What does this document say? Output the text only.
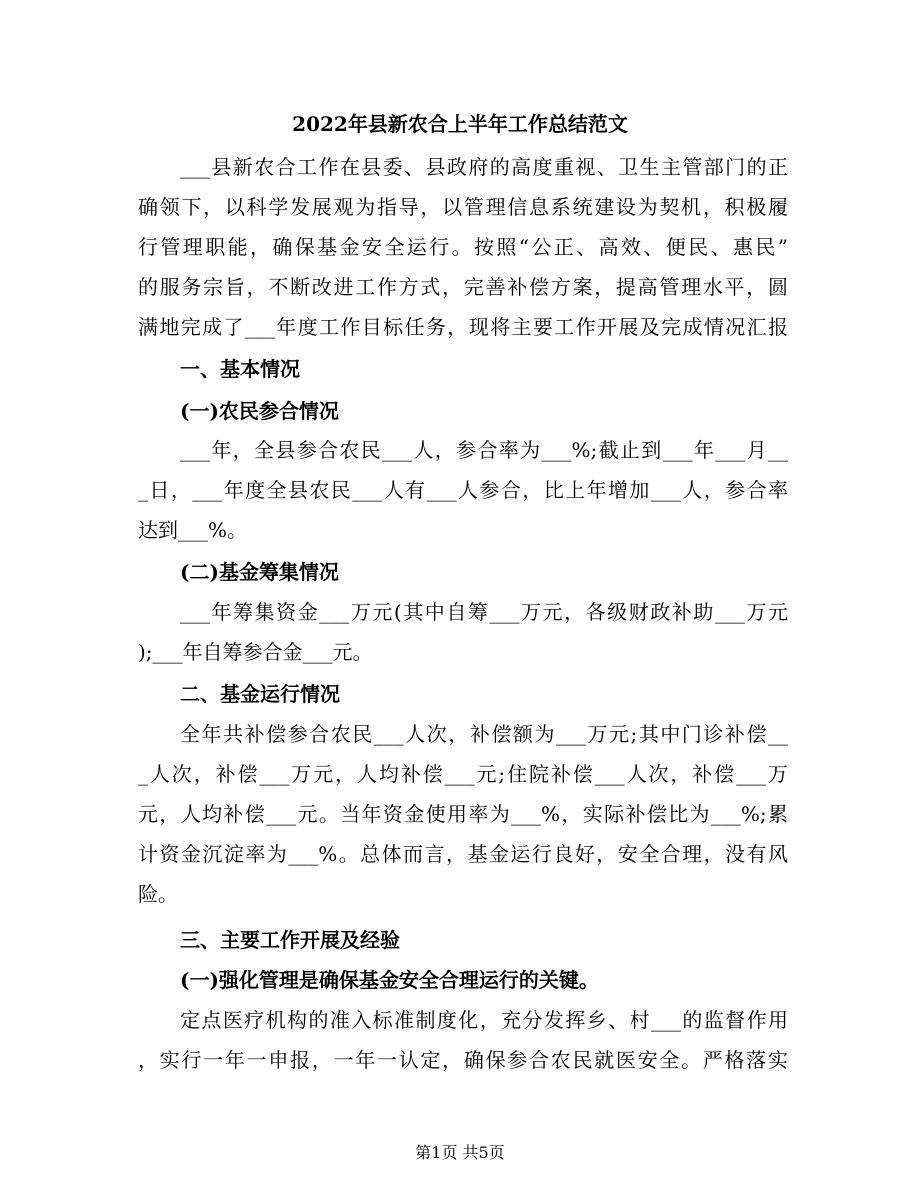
2022年县新农合上半年工作总结范文
___县新农合工作在县委、县政府的高度重视、卫生主管部门的正
确领下，以科学发展观为指导，以管理信息系统建设为契机，积极履
行管理职能，确保基金安全运行。按照“公正、高效、便民、惠民”
的服务宗旨，不断改进工作方式，完善补偿方案，提高管理水平，圆
满地完成了___年度工作目标任务，现将主要工作开展及完成情况汇报
一、基本情况
(一)农民参合情况
___年，全县参合农民___人，参合率为___%;截止到___年___月__
_日，___年度全县农民___人有___人参合，比上年增加___人，参合率
达到___%。
(二)基金筹集情况
___年筹集资金___万元(其中自筹___万元，各级财政补助___万元
);___年自筹参合金___元。
二、基金运行情况
全年共补偿参合农民___人次，补偿额为___万元;其中门诊补偿__
_人次，补偿___万元，人均补偿___元;住院补偿___人次，补偿___万
元，人均补偿___元。当年资金使用率为___%，实际补偿比为___%;累
计资金沉淀率为___%。总体而言，基金运行良好，安全合理，没有风
险。
三、主要工作开展及经验
(一)强化管理是确保基金安全合理运行的关键。
定点医疗机构的准入标准制度化，充分发挥乡、村___的监督作用
，实行一年一申报，一年一认定，确保参合农民就医安全。严格落实
第1页 共5页
